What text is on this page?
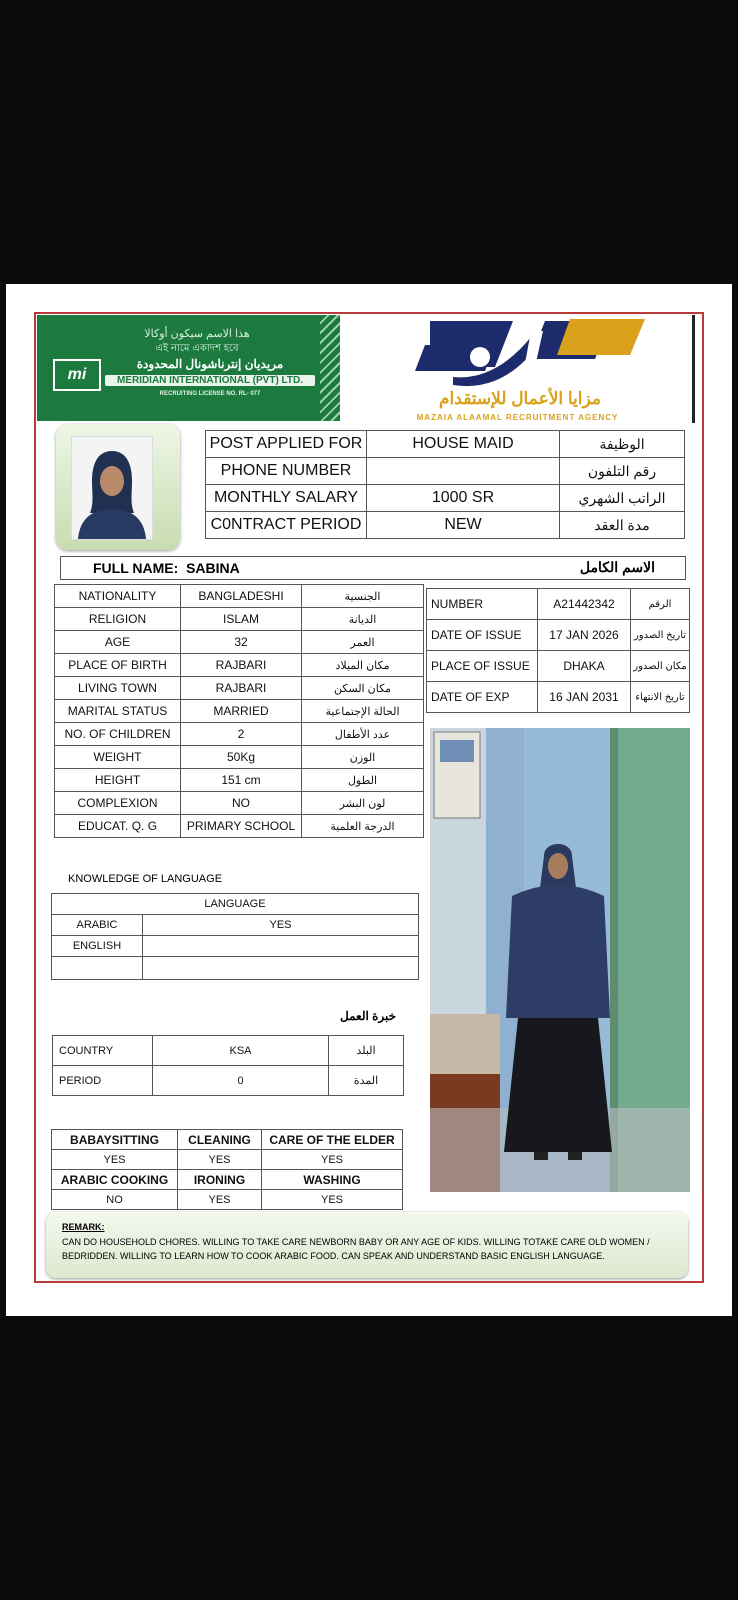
هذا الاسم سيكون أوكالا
এই নামে একাদশ হবে
mi
مريديان إنترناشونال المحدودة
MERIDIAN INTERNATIONAL (PVT) LTD.
RECRUITING LICENSE NO. RL- 077	مزايا الأعمال للإستقدام
MAZAIA ALAAMAL RECRUITMENT AGENCY
POST APPLIED FOR	HOUSE MAID	الوظيفة
PHONE NUMBER		رقم التلفون
MONTHLY SALARY	1000 SR	الراتب الشهري
C0NTRACT PERIOD	NEW	مدة العقد
FULL NAME: SABINA	الاسم الكامل
NATIONALITY	BANGLADESHI	الجنسية
RELIGION	ISLAM	الديانة
AGE	32	العمر
PLACE OF BIRTH	RAJBARI	مكان الميلاد
LIVING TOWN	RAJBARI	مكان السكن
MARITAL STATUS	MARRIED	الحالة الإجتماعية
NO. OF CHILDREN	2	عدد الأطفال
WEIGHT	50Kg	الوزن
HEIGHT	151 cm	الطول
COMPLEXION	NO	لون البشر
EDUCAT. Q. G	PRIMARY SCHOOL	الدرجة العلمية
NUMBER	A21442342	الرقم
DATE OF ISSUE	17 JAN 2026	تاريخ الصدور
PLACE OF ISSUE	DHAKA	مكان الصدور
DATE OF EXP	16 JAN 2031	تاريخ الانتهاء
KNOWLEDGE OF LANGUAGE
LANGUAGE	
ARABIC	YES
ENGLISH	

خبرة العمل
COUNTRY	KSA	البلد
PERIOD	0	المدة
BABAYSITTING	CLEANING	CARE OF THE ELDER
YES	YES	YES
ARABIC COOKING	IRONING	WASHING
NO	YES	YES
REMARK:
CAN DO HOUSEHOLD CHORES. WILLING TO TAKE CARE NEWBORN BABY OR ANY AGE OF KIDS. WILLING TOTAKE CARE OLD WOMEN / BEDRIDDEN. WILLING TO LEARN HOW TO COOK ARABIC FOOD. CAN SPEAK AND UNDERSTAND BASIC ENGLISH LANGUAGE.
